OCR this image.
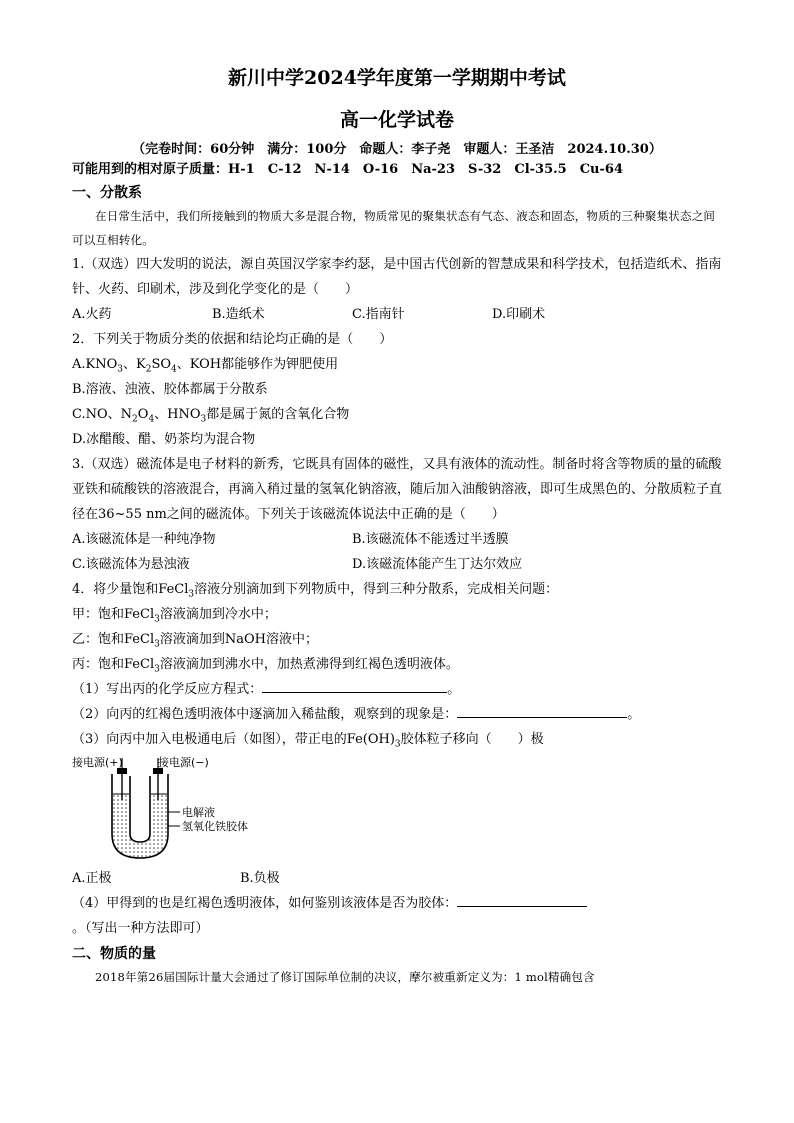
新川中学2024学年度第一学期期中考试
高一化学试卷
（完卷时间：60分钟　满分：100分　命题人：李子尧　审题人：王圣洁　2024.10.30）
可能用到的相对原子质量：H-1　C-12　N-14　O-16　Na-23　S-32　Cl-35.5　Cu-64
一、分散系
在日常生活中，我们所接触到的物质大多是混合物，物质常见的聚集状态有气态、液态和固态，物质的三种聚集状态之间可以互相转化。
1.（双选）四大发明的说法，源自英国汉学家李约瑟，是中国古代创新的智慧成果和科学技术，包括造纸术、指南针、火药、印刷术，涉及到化学变化的是（　　）
A.火药	B.造纸术	C.指南针	D.印刷术
2．下列关于物质分类的依据和结论均正确的是（　　）
$A.KNO_3$、$K_2SO_4$、KOH都能够作为钾肥使用
B.溶液、浊液、胶体都属于分散系
C.NO、$N_2O_4$、$HNO_3$都是属于氮的含氧化合物
D.冰醋酸、醋、奶茶均为混合物
3.（双选）磁流体是电子材料的新秀，它既具有固体的磁性，又具有液体的流动性。制备时将含等物质的量的硫酸亚铁和硫酸铁的溶液混合，再滴入稍过量的氢氧化钠溶液，随后加入油酸钠溶液，即可生成黑色的、分散质粒子直径在36~55 nm之间的磁流体。下列关于该磁流体说法中正确的是（　　）
A.该磁流体是一种纯净物	B.该磁流体不能透过半透膜
C.该磁流体为悬浊液	D.该磁流体能产生丁达尔效应
4．将少量饱和FeCl$_3$溶液分别滴加到下列物质中，得到三种分散系，完成相关问题：
甲：饱和FeCl$_3$溶液滴加到冷水中；
乙：饱和FeCl$_3$溶液滴加到NaOH溶液中；
丙：饱和FeCl$_3$溶液滴加到沸水中，加热煮沸得到红褐色透明液体。
（1）写出丙的化学反应方程式：	。
（2）向丙的红褐色透明液体中逐滴加入稀盐酸，观察到的现象是：	。
（3）向丙中加入电极通电后（如图），带正电的$Fe(OH)_3$胶体粒子移向（　　）极
接电源(+)	接电源(−)
电解液
氢氧化铁胶体
A.正极	B.负极
（4）甲得到的也是红褐色透明液体，如何鉴别该液体是否为胶体：。（写出一种方法即可）
二、物质的量
2018年第26届国际计量大会通过了修订国际单位制的决议，摩尔被重新定义为：1 mol精确包含
